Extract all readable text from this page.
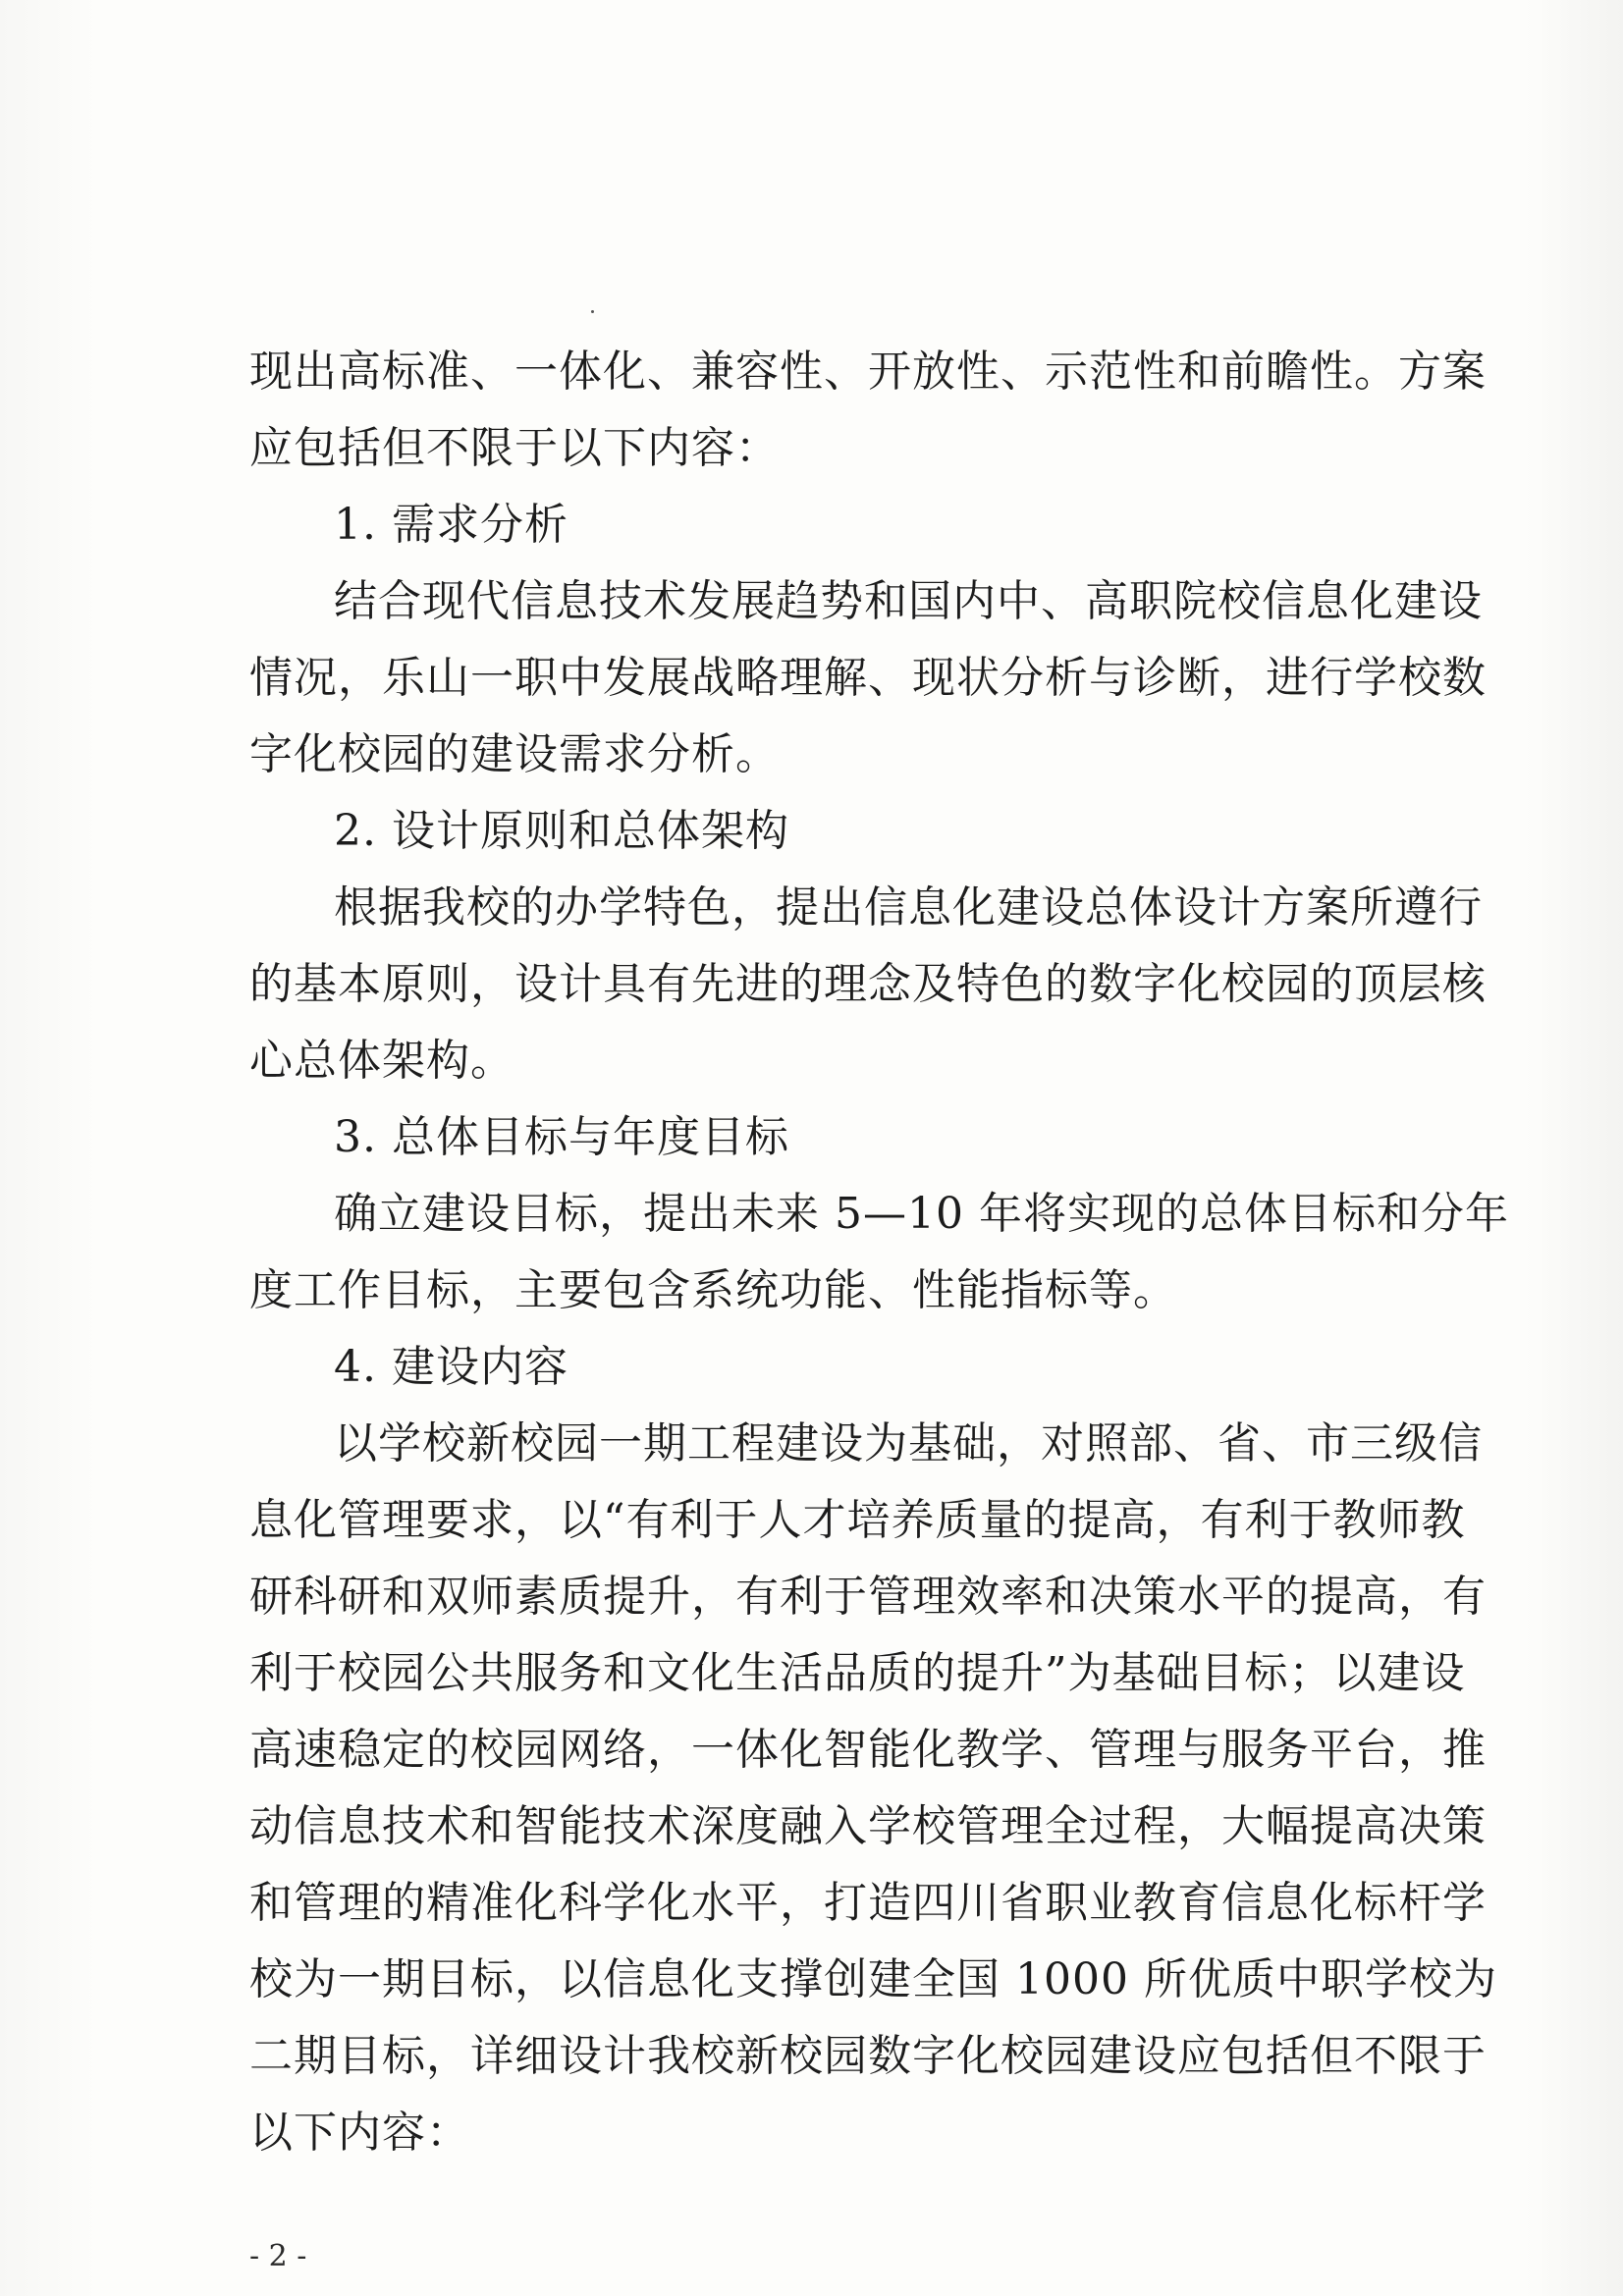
现出高标准、一体化、兼容性、开放性、示范性和前瞻性。方案
应包括但不限于以下内容：
1. 需求分析
结合现代信息技术发展趋势和国内中、高职院校信息化建设
情况，乐山一职中发展战略理解、现状分析与诊断，进行学校数
字化校园的建设需求分析。
2. 设计原则和总体架构
根据我校的办学特色，提出信息化建设总体设计方案所遵行
的基本原则，设计具有先进的理念及特色的数字化校园的顶层核
心总体架构。
3. 总体目标与年度目标
确立建设目标，提出未来 5—10 年将实现的总体目标和分年
度工作目标，主要包含系统功能、性能指标等。
4. 建设内容
以学校新校园一期工程建设为基础，对照部、省、市三级信
息化管理要求，以“有利于人才培养质量的提高，有利于教师教
研科研和双师素质提升，有利于管理效率和决策水平的提高，有
利于校园公共服务和文化生活品质的提升”为基础目标；以建设
高速稳定的校园网络，一体化智能化教学、管理与服务平台，推
动信息技术和智能技术深度融入学校管理全过程，大幅提高决策
和管理的精准化科学化水平，打造四川省职业教育信息化标杆学
校为一期目标，以信息化支撑创建全国 1000 所优质中职学校为
二期目标，详细设计我校新校园数字化校园建设应包括但不限于
以下内容：
- 2 -
